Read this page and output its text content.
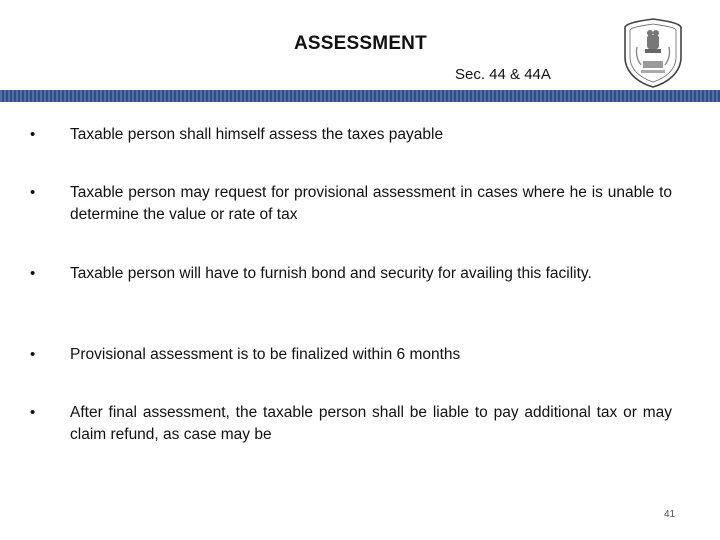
ASSESSMENT
Sec. 44 & 44A
•	Taxable person shall himself assess the taxes payable
•	Taxable person may request for provisional assessment in cases where he is unable to determine the value or rate of tax
•	Taxable person will have to furnish bond and security for availing this facility.
•	Provisional assessment is to be finalized within 6 months
•	After final assessment, the taxable person shall be liable to pay additional tax or may claim refund, as case may be
41
